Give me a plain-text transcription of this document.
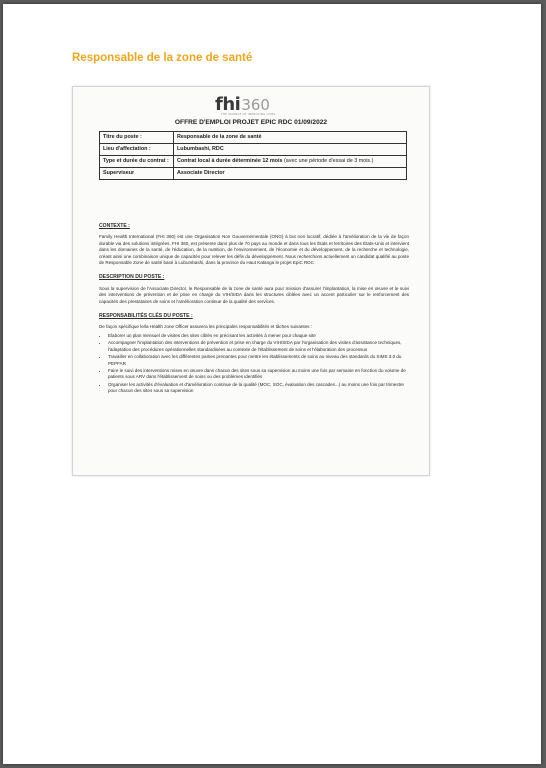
Responsable de la zone de santé
fhi360
THE SCIENCE OF IMPROVING LIVES
OFFRE D'EMPLOI PROJET EPIC RDC 01/09/2022
Titre du poste :	Responsable de la zone de santé
Lieu d'affectation :	Lubumbashi, RDC
Type et durée du contrat :	Contrat local à durée déterminée 12 mois (avec une période d'essai de 3 mois.)
Superviseur	Associate Director
CONTEXTE :
Family Health International (FHI 360) est une Organisation Non Gouvernementale (ONG) à but non lucratif, dédiée à l'amélioration de la vie de façon durable via des solutions intégrées. FHI 360, est présente dans plus de 70 pays au monde et dans tous les États et territoires des États-Unis et intervient dans les domaines de la santé, de l'éducation, de la nutrition, de l'environnement, de l'économie et du développement, de la recherche et technologie, créant ainsi une combinaison unique de capacités pour relever les défis du développement. Nous recherchons actuellement un candidat qualifié au poste de Responsable Zone de santé basé à Lubumbashi, dans la province du Haut Katanga le projet EpiC RDC
DESCRIPTION DU POSTE :
Sous la supervision de l'Associate Director, le Responsable de la zone de santé aura pour mission d'assurer l'implantation, la mise en œuvre et le suivi des interventions de prévention et de prise en charge du VIH/SIDA dans les structures ciblées avec un accent particulier sur le renforcement des capacités des prestataires de soins et l'amélioration continue de la qualité des services.
RESPONSABILITÉS CLÉS DU POSTE :
De façon spécifique le/la Health zone Officer assurera les principales responsabilités et tâches suivantes :
• Elaborer un plan mensuel de visites des sites ciblés en précisant les activités à mener pour chaque site
• Accompagner l'implantation des interventions de prévention et prise en charge du VIH/SIDA par l'organisation des visites d'assistance techniques, l'adaptation des procédures opérationnelles standardisées au contexte de l'établissement de soins et l'élaboration des processus
• Travailler en collaboration avec les différentes parties prenantes pour mettre les établissements de soins au niveau des standards du SIMS 3.0 du PEPFAR
• Faire le suivi des interventions mises en œuvre dans chacun des sites sous sa supervision au moins une fois par semaine en fonction du volume de patients sous ARV dans l'établissement de soins ou des problèmes identifiés
• Organiser les activités d'évaluation et d'amélioration continue de la qualité (MOC, SOC, évaluation des cascades...) au moins une fois par trimestre pour chacun des sites sous sa supervision
